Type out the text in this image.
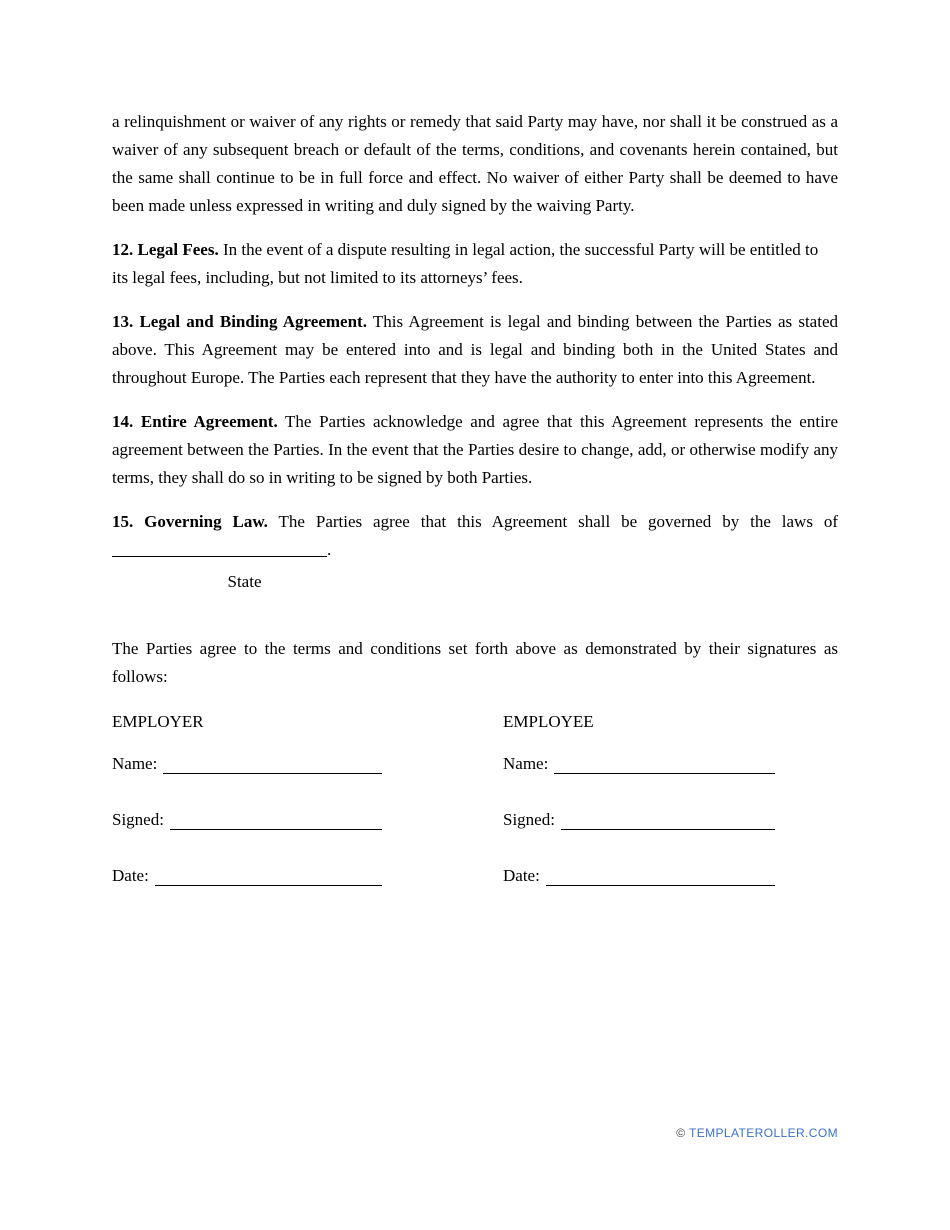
a relinquishment or waiver of any rights or remedy that said Party may have, nor shall it be construed as a waiver of any subsequent breach or default of the terms, conditions, and covenants herein contained, but the same shall continue to be in full force and effect. No waiver of either Party shall be deemed to have been made unless expressed in writing and duly signed by the waiving Party.

12. Legal Fees. In the event of a dispute resulting in legal action, the successful Party will be entitled to its legal fees, including, but not limited to its attorneys’ fees.

13. Legal and Binding Agreement. This Agreement is legal and binding between the Parties as stated above. This Agreement may be entered into and is legal and binding both in the United States and throughout Europe. The Parties each represent that they have the authority to enter into this Agreement.

14. Entire Agreement. The Parties acknowledge and agree that this Agreement represents the entire agreement between the Parties. In the event that the Parties desire to change, add, or otherwise modify any terms, they shall do so in writing to be signed by both Parties.

15. Governing Law. The Parties agree that this Agreement shall be governed by the laws of .

State

The Parties agree to the terms and conditions set forth above as demonstrated by their signatures as follows:

EMPLOYER
Name:
Signed:
Date:
EMPLOYEE
Name:
Signed:
Date:
© TEMPLATEROLLER.COM
